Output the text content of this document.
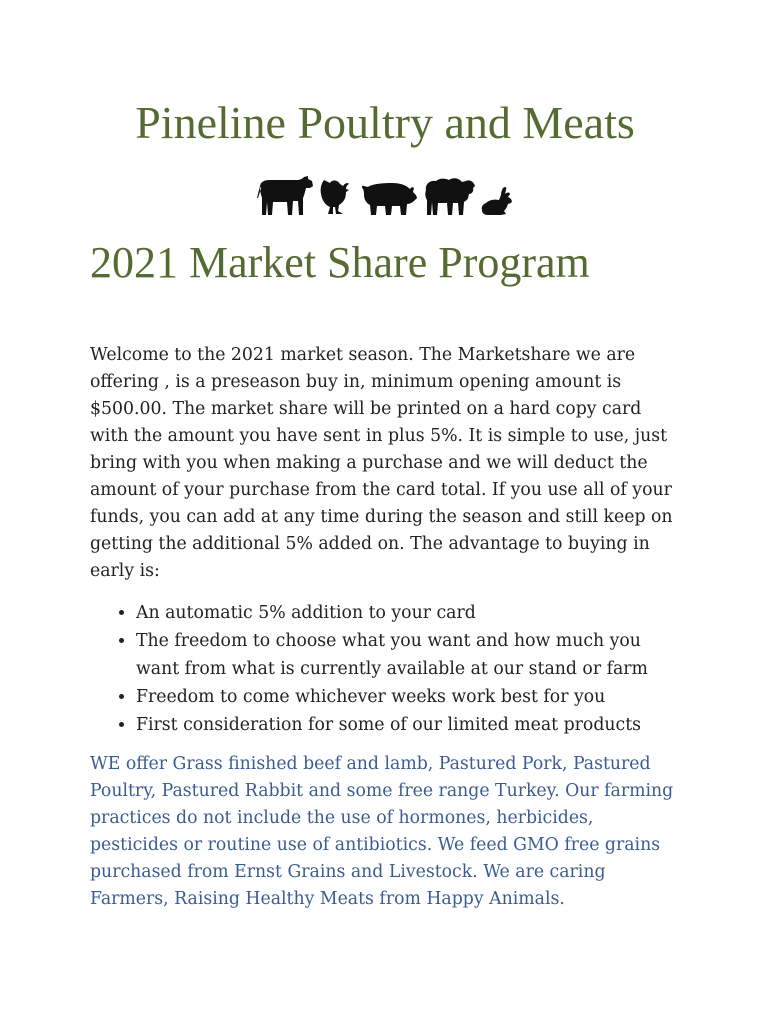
Pineline Poultry and Meats
2021 Market Share Program

Welcome to the 2021 market season. The Marketshare we are offering , is a preseason buy in, minimum opening amount is $500.00. The market share will be printed on a hard copy card with the amount you have sent in plus 5%. It is simple to use, just bring with you when making a purchase and we will deduct the amount of your purchase from the card total. If you use all of your funds, you can add at any time during the season and still keep on getting the additional 5% added on. The advantage to buying in early is:

• An automatic 5% addition to your card
• The freedom to choose what you want and how much you want from what is currently available at our stand or farm
• Freedom to come whichever weeks work best for you
• First consideration for some of our limited meat products

WE offer Grass finished beef and lamb, Pastured Pork, Pastured Poultry, Pastured Rabbit and some free range Turkey. Our farming practices do not include the use of hormones, herbicides, pesticides or routine use of antibiotics. We feed GMO free grains purchased from Ernst Grains and Livestock. We are caring Farmers, Raising Healthy Meats from Happy Animals.
